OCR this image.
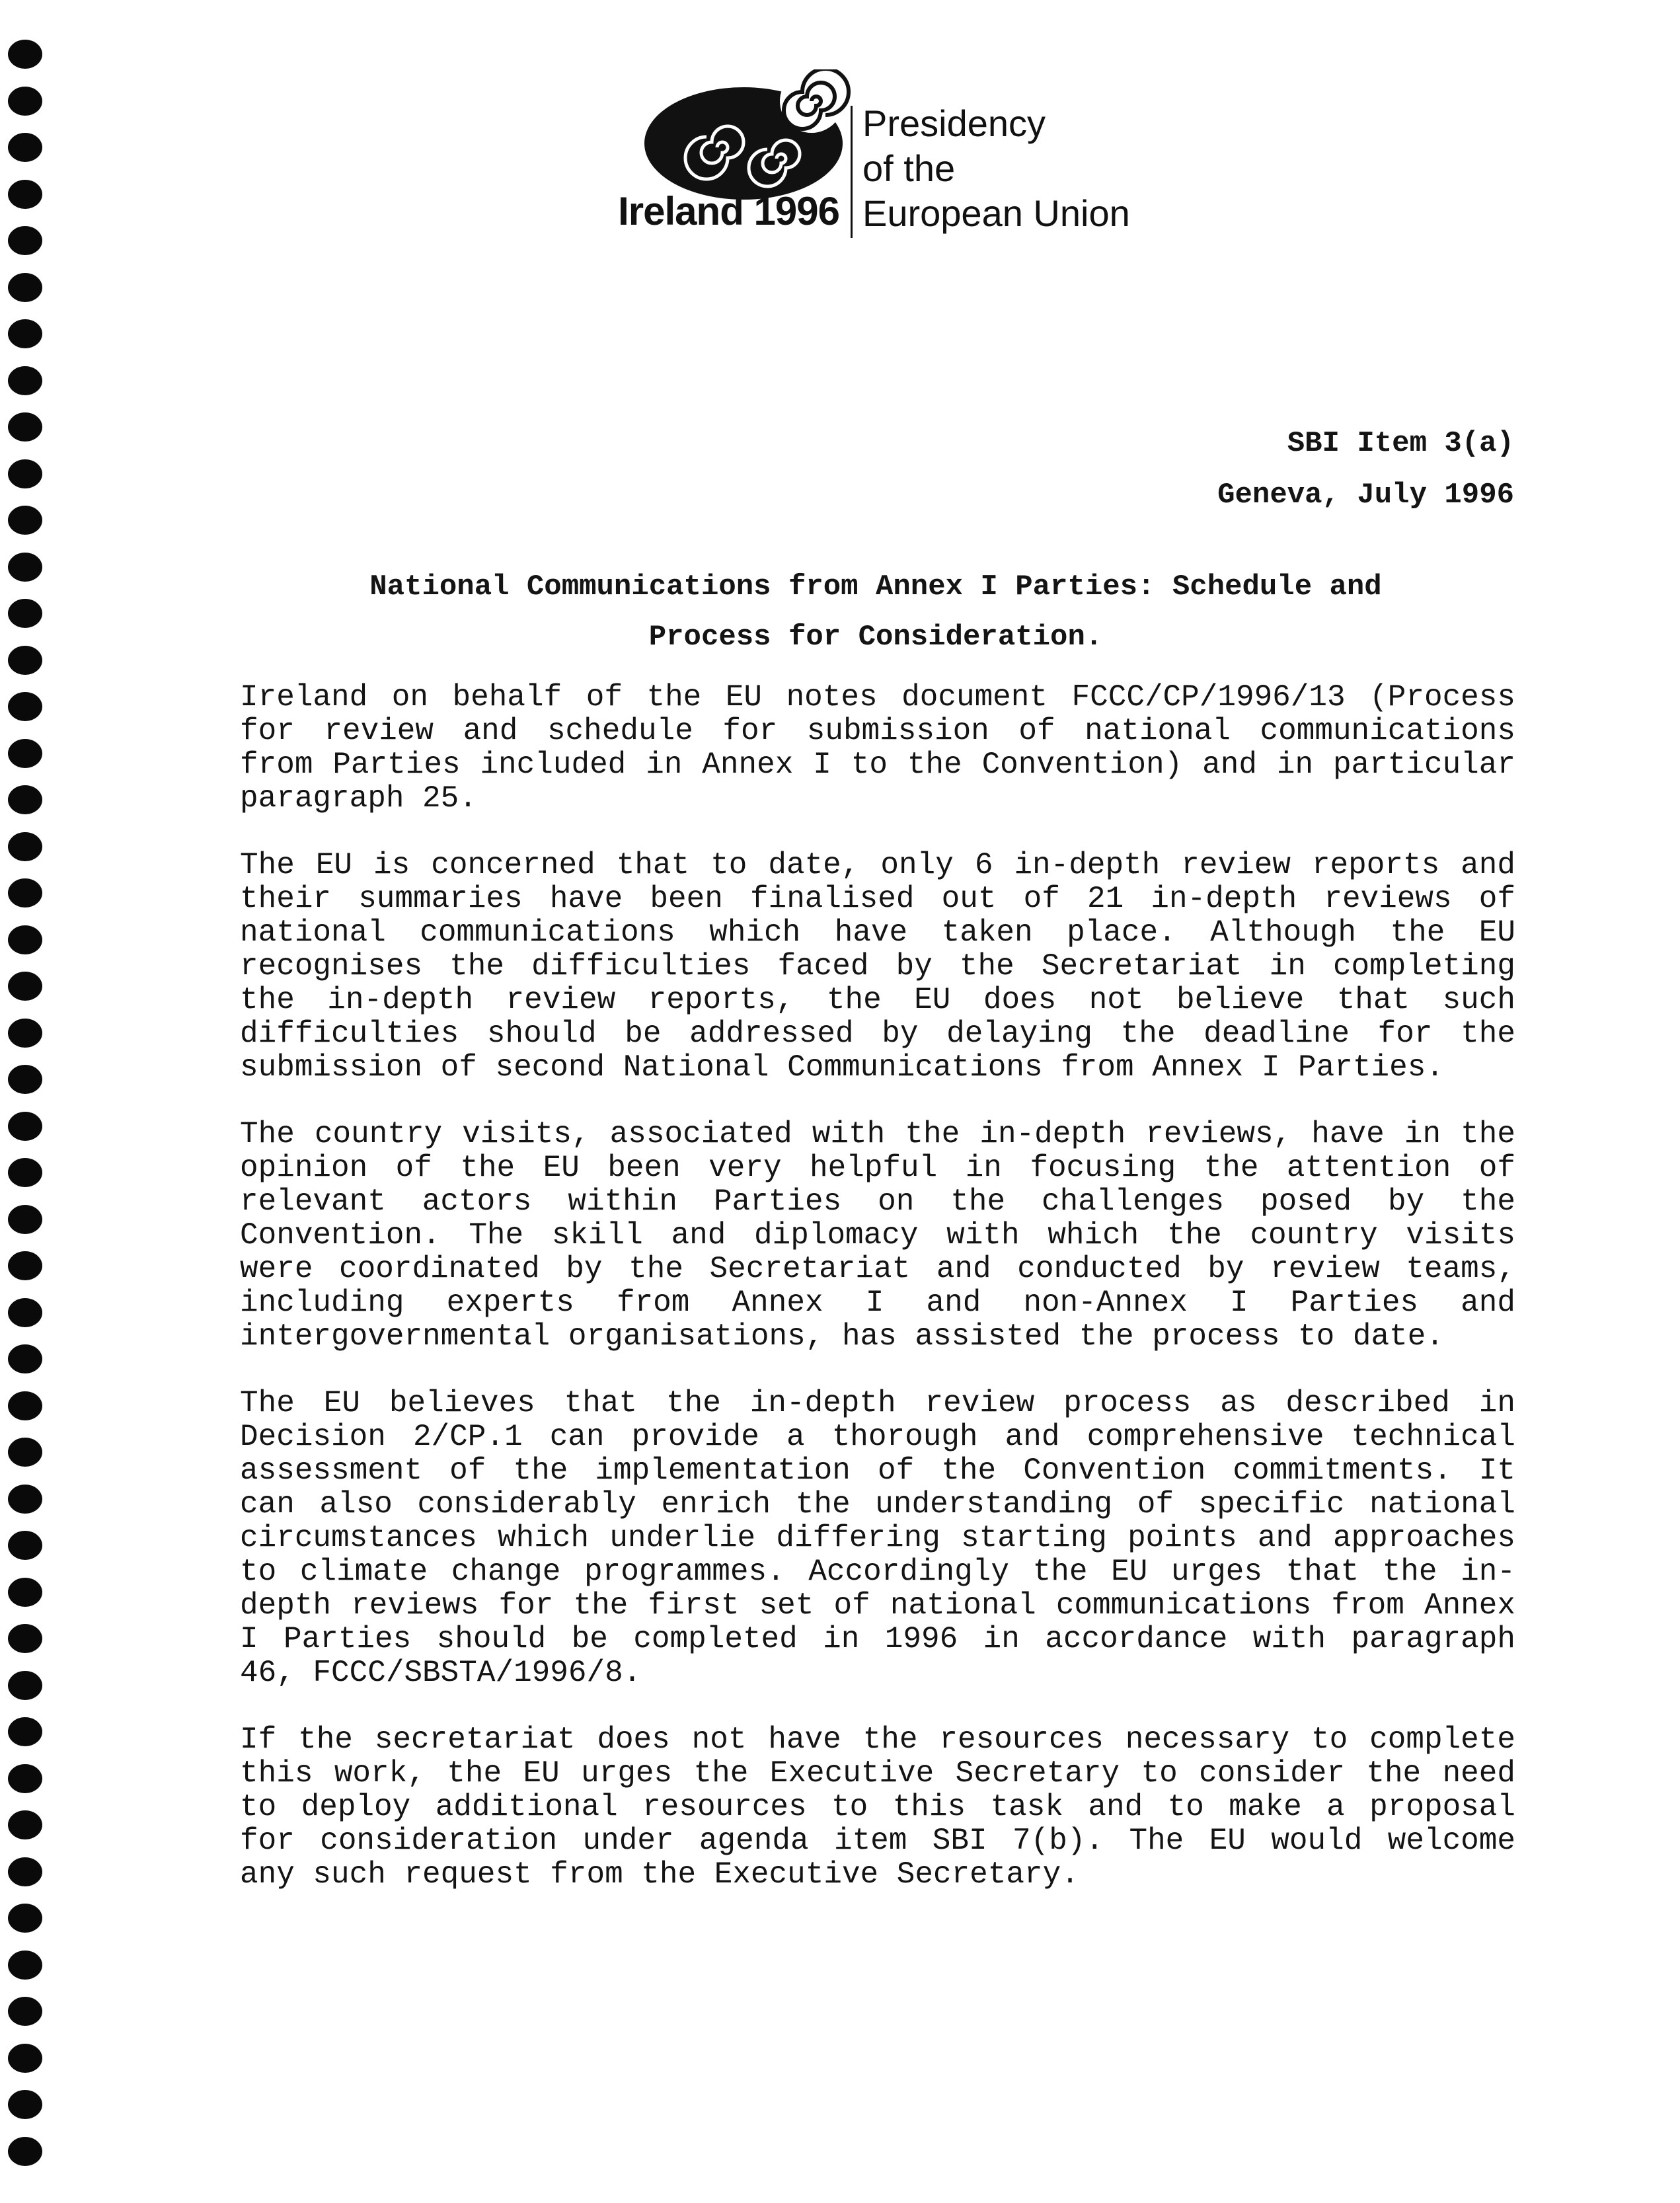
Ireland 1996
Presidency
of the
European Union
SBI Item 3(a)
Geneva, July 1996
National Communications from Annex I Parties: Schedule and
Process for Consideration.

Ireland on behalf of the EU notes document FCCC/CP/1996/13 (Process for review and schedule for submission of national communications from Parties included in Annex I to the Convention) and in particular paragraph 25.

The EU is concerned that to date, only 6 in-depth review reports and their summaries have been finalised out of 21 in-depth reviews of national communications which have taken place. Although the EU recognises the difficulties faced by the Secretariat in completing the in-depth review reports, the EU does not believe that such difficulties should be addressed by delaying the deadline for the submission of second National Communications from Annex I Parties.

The country visits, associated with the in-depth reviews, have in the opinion of the EU been very helpful in focusing the attention of relevant actors within Parties on the challenges posed by the Convention. The skill and diplomacy with which the country visits were coordinated by the Secretariat and conducted by review teams, including experts from Annex I and non-Annex I Parties and intergovernmental organisations, has assisted the process to date.

The EU believes that the in-depth review process as described in Decision 2/CP.1 can provide a thorough and comprehensive technical assessment of the implementation of the Convention commitments. It can also considerably enrich the understanding of specific national circumstances which underlie differing starting points and approaches to climate change programmes. Accordingly the EU urges that the in-depth reviews for the first set of national communications from Annex I Parties should be completed in 1996 in accordance with paragraph 46, FCCC/SBSTA/1996/8.

If the secretariat does not have the resources necessary to complete this work, the EU urges the Executive Secretary to consider the need to deploy additional resources to this task and to make a proposal for consideration under agenda item SBI 7(b). The EU would welcome any such request from the Executive Secretary.
